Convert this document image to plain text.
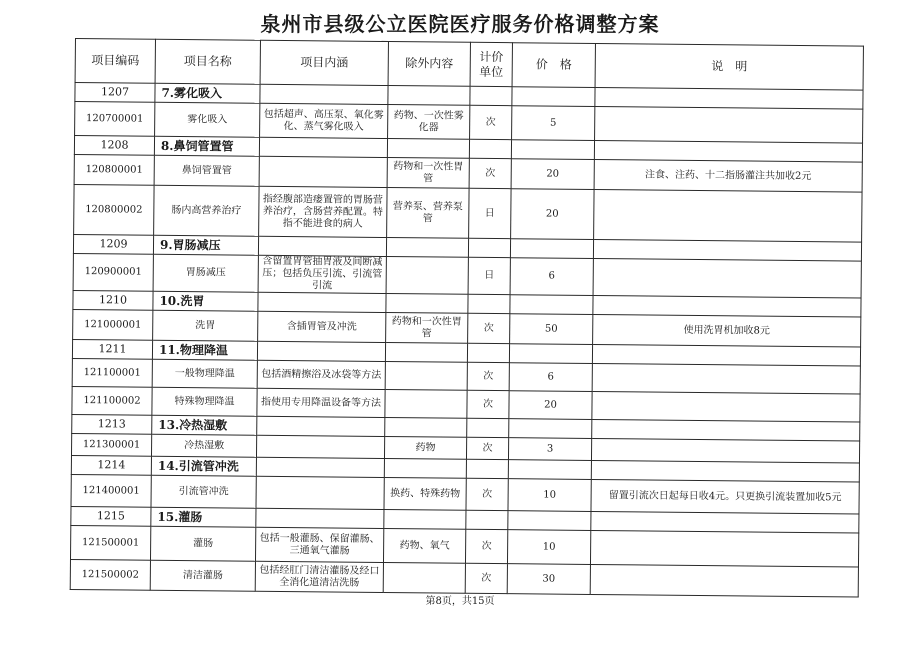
泉州市县级公立医院医疗服务价格调整方案
项目编码	项目名称	项目内涵	除外内容	计价单位	价　格	说　明
1207	7.雾化吸入					
120700001	雾化吸入	包括超声、高压泵、氧化雾化、蒸气雾化吸入	药物、一次性雾化器	次	5	
1208	8.鼻饲管置管					
120800001	鼻饲管置管		药物和一次性胃管	次	20	注食、注药、十二指肠灌注共加收2元
120800002	肠内高营养治疗	指经腹部造瘘置管的胃肠营养治疗，含肠营养配置。特指不能进食的病人	营养泵、营养泵管	日	20	
1209	9.胃肠减压					
120900001	胃肠减压	含留置胃管抽胃液及间断减压；包括负压引流、引流管引流		日	6	
1210	10.洗胃					
121000001	洗胃	含插胃管及冲洗	药物和一次性胃管	次	50	使用洗胃机加收8元
1211	11.物理降温					
121100001	一般物理降温	包括酒精擦浴及冰袋等方法		次	6	
121100002	特殊物理降温	指使用专用降温设备等方法		次	20	
1213	13.冷热湿敷					
121300001	冷热湿敷		药物	次	3	
1214	14.引流管冲洗					
121400001	引流管冲洗		换药、特殊药物	次	10	留置引流次日起每日收4元。只更换引流装置加收5元
1215	15.灌肠					
121500001	灌肠	包括一般灌肠、保留灌肠、三通氧气灌肠	药物、氧气	次	10	
121500002	清洁灌肠	包括经肛门清洁灌肠及经口全消化道清洁洗肠		次	30	
第8页，共15页
